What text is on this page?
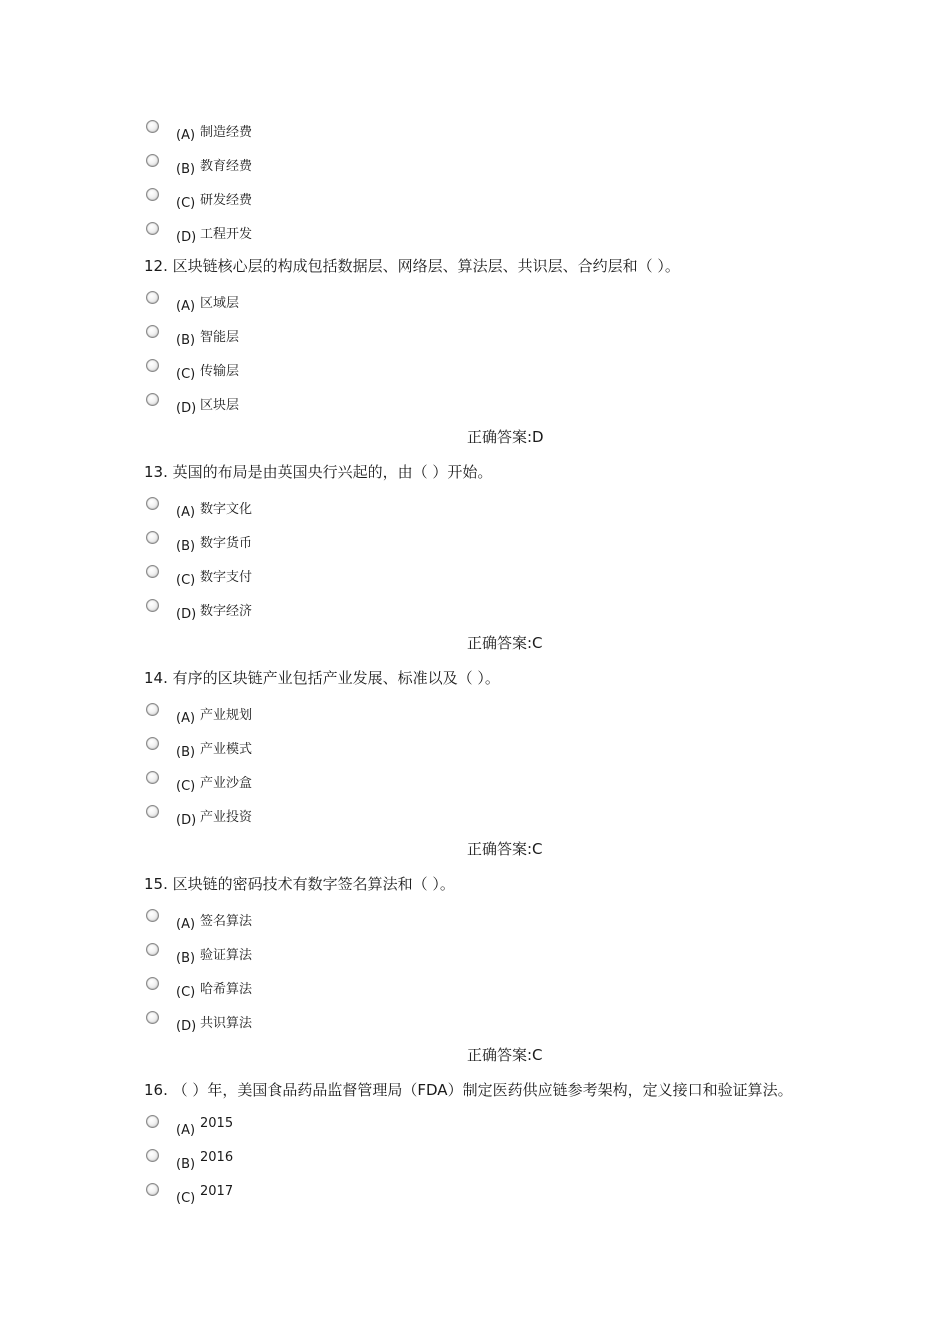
(A) 制造经费
(B) 教育经费
(C) 研发经费
(D) 工程开发
12. 区块链核心层的构成包括数据层、网络层、算法层、共识层、合约层和（ ）。
(A) 区域层
(B) 智能层
(C) 传输层
(D) 区块层
正确答案:D
13. 英国的布局是由英国央行兴起的，由（ ）开始。
(A) 数字文化
(B) 数字货币
(C) 数字支付
(D) 数字经济
正确答案:C
14. 有序的区块链产业包括产业发展、标准以及（ ）。
(A) 产业规划
(B) 产业模式
(C) 产业沙盒
(D) 产业投资
正确答案:C
15. 区块链的密码技术有数字签名算法和（ ）。
(A) 签名算法
(B) 验证算法
(C) 哈希算法
(D) 共识算法
正确答案:C
16. （ ）年，美国食品药品监督管理局（FDA）制定医药供应链参考架构，定义接口和验证算法。
(A) 2015
(B) 2016
(C) 2017
